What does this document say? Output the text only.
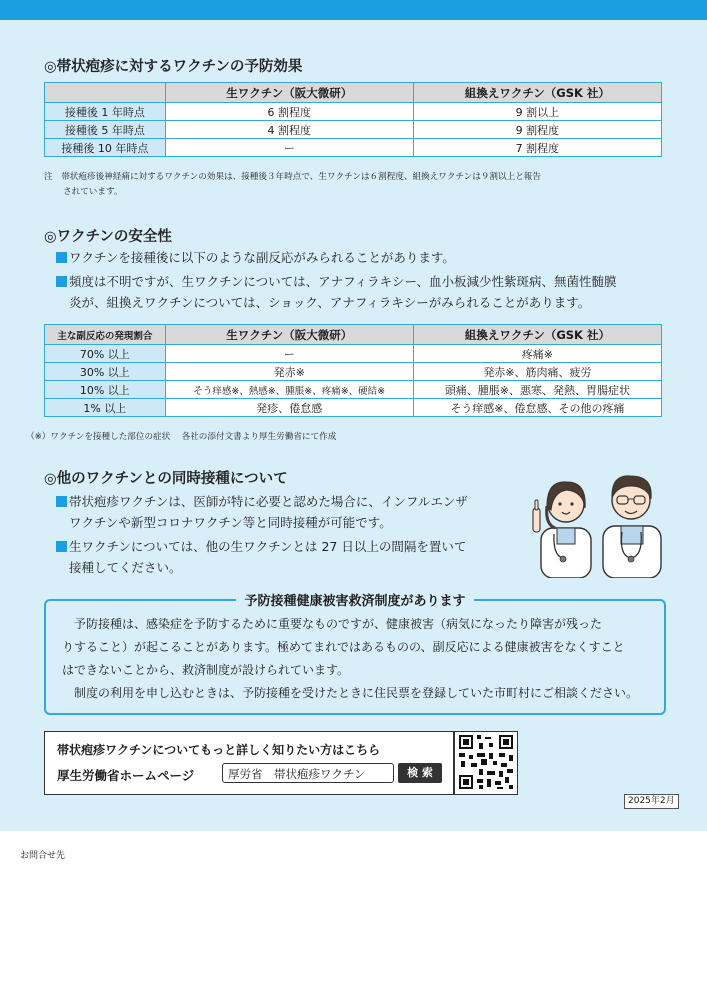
◎帯状疱疹に対するワクチンの予防効果
	生ワクチン（阪大微研）	組換えワクチン（GSK 社）
接種後 1 年時点	6 割程度	9 割以上
接種後 5 年時点	4 割程度	9 割程度
接種後 10 年時点	ー	7 割程度
注　帯状疱疹後神経痛に対するワクチンの効果は、接種後３年時点で、生ワクチンは６割程度、組換えワクチンは９割以上と報告
されています。
◎ワクチンの安全性
ワクチンを接種後に以下のような副反応がみられることがあります。
頻度は不明ですが、生ワクチンについては、アナフィラキシー、血小板減少性紫斑病、無菌性髄膜
炎が、組換えワクチンについては、ショック、アナフィラキシーがみられることがあります。
主な副反応の発現割合	生ワクチン（阪大微研）	組換えワクチン（GSK 社）
70% 以上	ー	疼痛※
30% 以上	発赤※	発赤※、筋肉痛、疲労
10% 以上	そう痒感※、熱感※、腫脹※、疼痛※、硬結※	頭痛、腫脹※、悪寒、発熱、胃腸症状
1% 以上	発疹、倦怠感	そう痒感※、倦怠感、その他の疼痛
（※）ワクチンを接種した部位の症状　 各社の添付文書より厚生労働省にて作成
◎他のワクチンとの同時接種について
帯状疱疹ワクチンは、医師が特に必要と認めた場合に、インフルエンザ
ワクチンや新型コロナワクチン等と同時接種が可能です。
生ワクチンについては、他の生ワクチンとは 27 日以上の間隔を置いて
接種してください。
予防接種健康被害救済制度があります

　予防接種は、感染症を予防するために重要なものですが、健康被害（病気になったり障害が残った

りすること）が起こることがあります。極めてまれではあるものの、副反応による健康被害をなくすこと

はできないことから、救済制度が設けられています。

　制度の利用を申し込むときは、予防接種を受けたときに住民票を登録していた市町村にご相談ください。

帯状疱疹ワクチンについてもっと詳しく知りたい方はこちら
厚生労働省ホームページ	厚労省　帯状疱疹ワクチン	検 索
2025年2月
お問合せ先
